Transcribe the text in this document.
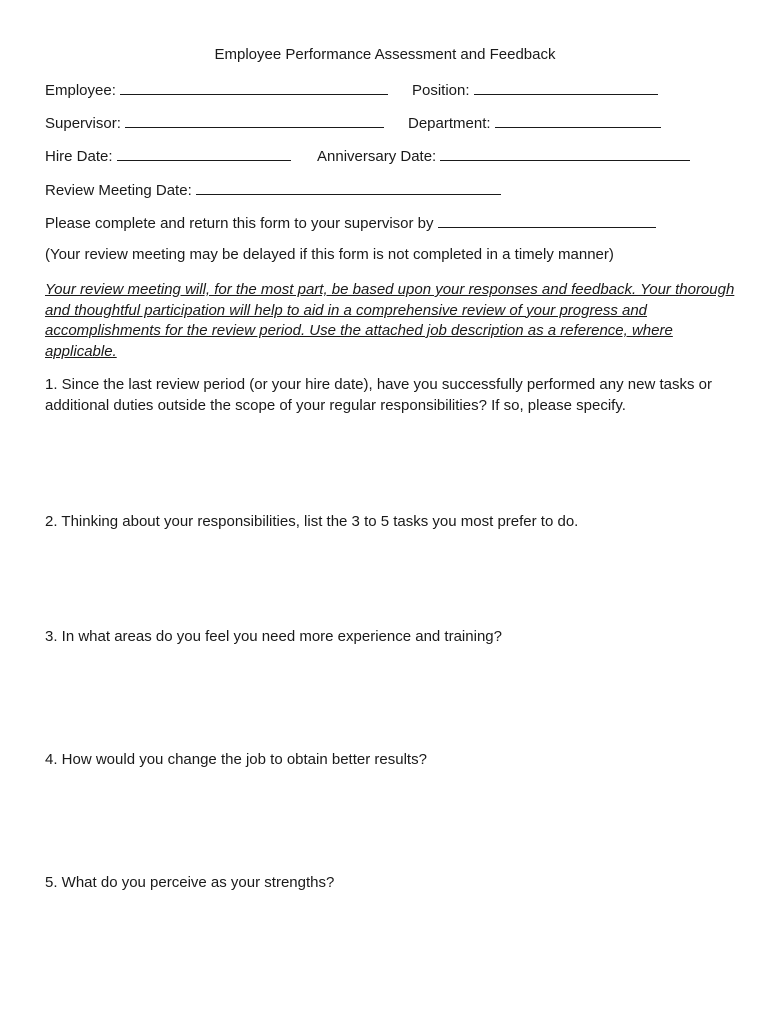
Employee Performance Assessment and Feedback
Employee:	Position:
Supervisor:	Department:
Hire Date:	Anniversary Date:
Review Meeting Date:
Please complete and return this form to your supervisor by
(Your review meeting may be delayed if this form is not completed in a timely manner)
Your review meeting will, for the most part, be based upon your responses and feedback. Your thorough and thoughtful participation will help to aid in a comprehensive review of your progress and accomplishments for the review period. Use the attached job description as a reference, where applicable.
1. Since the last review period (or your hire date), have you successfully performed any new tasks or additional duties outside the scope of your regular responsibilities? If so, please specify.
2. Thinking about your responsibilities, list the 3 to 5 tasks you most prefer to do.
3. In what areas do you feel you need more experience and training?
4. How would you change the job to obtain better results?
5. What do you perceive as your strengths?
